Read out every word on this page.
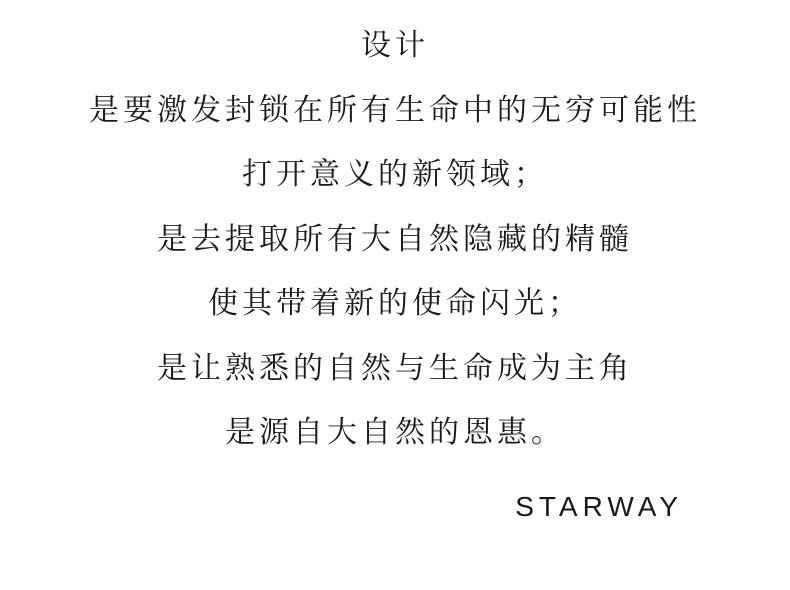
设计

是要激发封锁在所有生命中的无穷可能性

打开意义的新领域；

是去提取所有大自然隐藏的精髓

使其带着新的使命闪光；

是让熟悉的自然与生命成为主角

是源自大自然的恩惠。

STARWAY
